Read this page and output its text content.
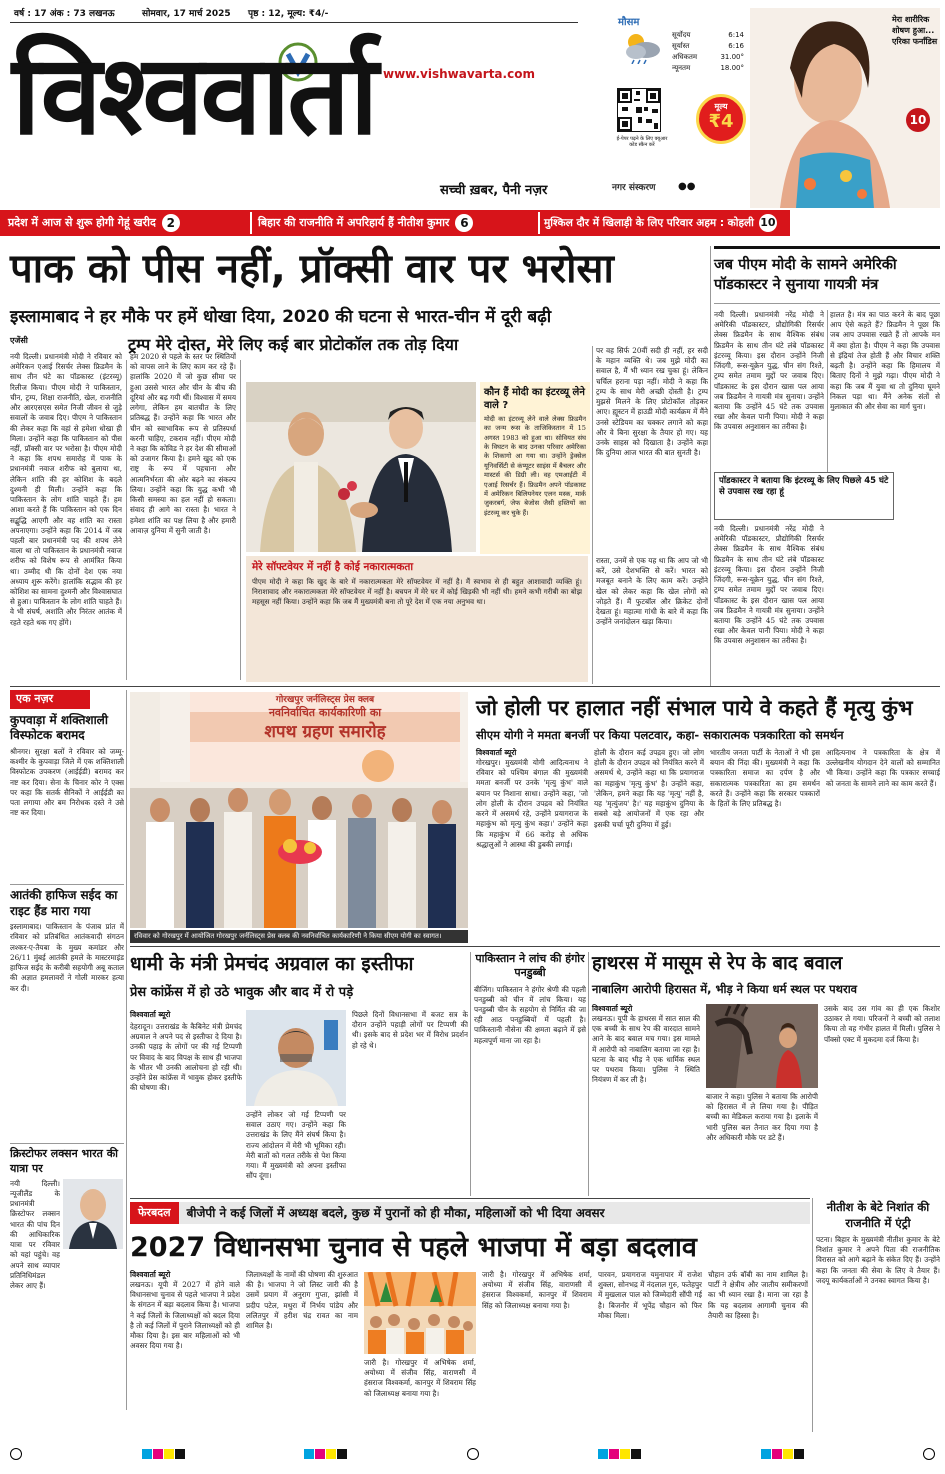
वर्ष : 17 अंक : 73 लखनऊ	सोमवार, 17 मार्च 2025 पृष्ठ : 12, मूल्य: ₹4/-
विश्ववार्ता www.vishwavarta.com
सच्ची ख़बर, पैनी नज़र	नगर संस्करण ●●
ई-पेपर पढ़ने के लिए क्यूआर कोड स्कैन करें
मौसम
सूर्योदय	6:14
सूर्यास्त	6:16
अधिकतम	31.00°
न्यूनतम	18.00°
मूल्य
₹4
मेरा शारीरिक शोषण हुआ... एरिका फर्नांडिस
10
प्रदेश में आज से शुरू होगी गेहूं खरीद 2	बिहार की राजनीति में अपरिहार्य हैं नीतीश कुमार 6	मुश्किल दौर में खिलाड़ी के लिए परिवार अहम : कोहली 10
पाक को पीस नहीं, प्रॉक्सी वार पर भरोसा
इस्लामाबाद ने हर मौके पर हमें धोखा दिया, 2020 की घटना से भारत-चीन में दूरी बढ़ी
एजेंसी	ट्रम्प मेरे दोस्त, मेरे लिए कई बार प्रोटोकॉल तक तोड़ दिया
नयी दिल्ली। प्रधानमंत्री मोदी ने रविवार को अमेरिकन एआई रिसर्चर लेक्स फ्रिडमैन के साथ तीन घंटे का पॉडकास्ट (इंटरव्यू) रिलीज किया। पीएम मोदी ने पाकिस्तान, चीन, ट्रम्प, शिक्षा राजनीति, खेल, राजनीति और आरएसएस समेत निजी जीवन से जुड़े सवालों के जवाब दिए। पीएम ने पाकिस्तान की लेकर कहा कि वहां से हमेशा धोखा ही मिला। उन्होंने कहा कि पाकिस्तान को पीस नहीं, प्रॉक्सी वार पर भरोसा है। पीएम मोदी ने कहा कि शपथ समारोह में पाक के प्रधानमंत्री नवाज शरीफ को बुलाया था, लेकिन शांति की हर कोशिश के बदले दुश्मनी ही मिली। उन्होंने कहा कि पाकिस्तान के लोग शांति चाहते हैं। हम आशा करते हैं कि पाकिस्तान को एक दिन सद्बुद्धि आएगी और वह शांति का रास्ता अपनाएगा। उन्होंने कहा कि 2014 में जब पहली बार प्रधानमंत्री पद की शपथ लेने वाला था तो पाकिस्तान के प्रधानमंत्री नवाज शरीफ को विशेष रूप से आमंत्रित किया था। उम्मीद थी कि दोनों देश एक नया अध्याय शुरू करेंगे। हालांकि सद्भाव की हर कोशिश का सामना दुश्मनी और विश्वासघात से हुआ। पाकिस्तान के लोग शांति चाहते हैं। वे भी संघर्ष, अशांति और निरंतर आतंक में रहते रहते थक गए होंगे।
हम 2020 से पहले के स्तर पर स्थितियों को वापस लाने के लिए काम कर रहे हैं। हालांकि 2020 में जो कुछ सीमा पर हुआ उससे भारत और चीन के बीच की दूरियां और बढ़ गयी थीं। विश्वास में समय लगेगा, लेकिन हम बातचीत के लिए प्रतिबद्ध हैं। उन्होंने कहा कि भारत और चीन को स्वाभाविक रूप से प्रतिस्पर्धा करनी चाहिए, टकराव नहीं। पीएम मोदी ने कहा कि कोविड ने हर देश की सीमाओं को उजागर किया है। हमने खुद को एक राष्ट्र के रूप में पहचाना और आत्मनिर्भरता की ओर बढ़ने का संकल्प लिया। उन्होंने कहा कि युद्ध कभी भी किसी समस्या का हल नहीं हो सकता। संवाद ही आगे का रास्ता है। भारत ने हमेशा शांति का पक्ष लिया है और हमारी आवाज़ दुनिया में सुनी जाती है।
मेरे सॉफ्टवेयर में नहीं है कोई नकारात्मकता
पीएम मोदी ने कहा कि खुद के बारे में नकारात्मकता मेरे सॉफ्टवेयर में नहीं है। मैं स्वभाव से ही बहुत आशावादी व्यक्ति हूं। निराशावाद और नकारात्मकता मेरे सॉफ्टवेयर में नहीं है। बचपन में मेरे घर में कोई खिड़की भी नहीं थी। हमने कभी गरीबी का बोझ महसूस नहीं किया। उन्होंने कहा कि जब मैं मुख्यमंत्री बना तो पूरे देश में एक नया अनुभव था।
कौन हैं मोदी का इंटरव्यू लेने वाले ?
मोदी का इंटरव्यू लेने वाले लेक्स फ्रिडमैन का जन्म रूस के ताजिकिस्तान में 15 अगस्त 1983 को हुआ था। सोवियत संघ के विघटन के बाद उनका परिवार अमेरिका के शिकागो आ गया था। उन्होंने ड्रेक्सेल यूनिवर्सिटी से कंप्यूटर साइंस में बैचलर और मास्टर्स की डिग्री ली। वह एमआईटी में एआई रिसर्चर हैं। फ्रिडमैन अपने पॉडकास्ट में अमेरिकन बिलियनेयर एलन मस्क, मार्क जुकरबर्ग, जेफ बेजोस जैसी हस्तियों का इंटरव्यू कर चुके हैं।
पर वह सिर्फ 20वीं सदी ही नहीं, हर सदी के महान व्यक्ति थे। जब मुझे मोदी का सवाल है, मैं भी ध्यान रख चुका हूं। लेकिन चर्चिल हराना पड़ा नहीं। मोदी ने कहा कि ट्रम्प के साथ मेरी अच्छी दोस्ती है। ट्रम्प मुझसे मिलने के लिए प्रोटोकॉल तोड़कर आए। ह्यूस्टन में हाउडी मोदी कार्यक्रम में मैंने उनसे स्टेडियम का चक्कर लगाने को कहा और वे बिना सुरक्षा के तैयार हो गए। यह उनके साहस को दिखाता है। उन्होंने कहा कि दुनिया आज भारत की बात सुनती है।
रास्ता, उनमें से एक यह था कि आप जो भी करें, उसे देशभक्ति से करें। भारत को मजबूत बनाने के लिए काम करें। उन्होंने खेल को लेकर कहा कि खेल लोगों को जोड़ते हैं। मैं फुटबॉल और क्रिकेट दोनों देखता हूं। महात्मा गांधी के बारे में कहा कि उन्होंने जनांदोलन खड़ा किया।
जब पीएम मोदी के सामने अमेरिकी पॉडकास्टर ने सुनाया गायत्री मंत्र
नयी दिल्ली। प्रधानमंत्री नरेंद्र मोदी ने अमेरिकी पॉडकास्टर, प्रौद्योगिकी रिसर्चर लेक्स फ्रिडमैन के साथ वैश्विक संबंध फ्रिडमैन के साथ तीन घंटे लंबे पॉडकास्ट इंटरव्यू किया। इस दौरान उन्होंने निजी जिंदगी, रूस-यूक्रेन युद्ध, चीन संग रिश्ते, ट्रम्प समेत तमाम मुद्दों पर जवाब दिए। पॉडकास्ट के इस दौरान खास पल आया जब फ्रिडमैन ने गायत्री मंत्र सुनाया। उन्होंने बताया कि उन्होंने 45 घंटे तक उपवास रखा और केवल पानी पिया। मोदी ने कहा कि उपवास अनुशासन का तरीका है।
पॉडकास्टर ने बताया कि इंटरव्यू के लिए पिछले 45 घंटे से उपवास रख रहा हूं
नयी दिल्ली। प्रधानमंत्री नरेंद्र मोदी ने अमेरिकी पॉडकास्टर, प्रौद्योगिकी रिसर्चर लेक्स फ्रिडमैन के साथ वैश्विक संबंध फ्रिडमैन के साथ तीन घंटे लंबे पॉडकास्ट इंटरव्यू किया। इस दौरान उन्होंने निजी जिंदगी, रूस-यूक्रेन युद्ध, चीन संग रिश्ते, ट्रम्प समेत तमाम मुद्दों पर जवाब दिए। पॉडकास्ट के इस दौरान खास पल आया जब फ्रिडमैन ने गायत्री मंत्र सुनाया। उन्होंने बताया कि उन्होंने 45 घंटे तक उपवास रखा और केवल पानी पिया। मोदी ने कहा कि उपवास अनुशासन का तरीका है।
हालत है। मंत्र का पाठ करने के बाद पूछा आप ऐसे कहते हैं? फ्रिडमैन ने पूछा कि जब आप उपवास रखते हैं तो आपके मन में क्या होता है। पीएम ने कहा कि उपवास से इंद्रियां तेज होती हैं और विचार शक्ति बढ़ती है। उन्होंने कहा कि हिमालय में बिताए दिनों ने मुझे गढ़ा। पीएम मोदी ने कहा कि जब मैं युवा था तो दुनिया घूमने निकल पड़ा था। मैंने अनेक संतों से मुलाकात की और सेवा का मार्ग चुना।
एक नज़र
कुपवाड़ा में शक्तिशाली विस्फोटक बरामद
श्रीनगर। सुरक्षा बलों ने रविवार को जम्मू-कश्मीर के कुपवाड़ा जिले में एक शक्तिशाली विस्फोटक उपकरण (आईईडी) बरामद कर नष्ट कर दिया। सेना के चिनार कोर ने एक्स पर कहा कि सतर्क सैनिकों ने आईईडी का पता लगाया और बम निरोधक दस्ते ने उसे नष्ट कर दिया।
आतंकी हाफिज सईद का राइट हैंड मारा गया
इस्लामाबाद। पाकिस्तान के पंजाब प्रांत में रविवार को प्रतिबंधित आतंकवादी संगठन लश्कर-ए-तैयबा के मुख्य कमांडर और 26/11 मुंबई आतंकी हमले के मास्टरमाइंड हाफिज सईद के करीबी सहयोगी अबू कताल की अज्ञात हमलावरों ने गोली मारकर हत्या कर दी।
क्रिस्टोफर लक्सन भारत की यात्रा पर
नयी दिल्ली। न्यूजीलैंड के प्रधानमंत्री क्रिस्टोफर लक्सन भारत की पांच दिन की आधिकारिक यात्रा पर रविवार को यहां पहुंचे। वह अपने साथ व्यापार प्रतिनिधिमंडल लेकर आए हैं।
गोरखपुर जर्नलिस्ट्स प्रेस क्लब
नवनिर्वाचित कार्यकारिणी का
शपथ ग्रहण समारोह
रविवार को गोरखपुर में आयोजित गोरखपुर जर्नलिस्ट्स प्रेस क्लब की नवनिर्वाचित कार्यकारिणी ने किया सीएम योगी का स्वागत।
जो होली पर हालात नहीं संभाल पाये वे कहते हैं मृत्यु कुंभ
सीएम योगी ने ममता बनर्जी पर किया पलटवार, कहा- सकारात्मक पत्रकारिता को समर्थन
विश्ववार्ता ब्यूरो
गोरखपुर। मुख्यमंत्री योगी आदित्यनाथ ने रविवार को पश्चिम बंगाल की मुख्यमंत्री ममता बनर्जी पर उनके 'मृत्यु कुंभ' वाले बयान पर निशाना साधा। उन्होंने कहा, 'जो लोग होली के दौरान उपद्रव को नियंत्रित करने में असमर्थ रहे, उन्होंने प्रयागराज के महाकुंभ को मृत्यु कुंभ कहा।' उन्होंने कहा कि महाकुंभ में 66 करोड़ से अधिक श्रद्धालुओं ने आस्था की डुबकी लगाई।
होली के दौरान कई उपद्रव हुए। जो लोग होली के दौरान उपद्रव को नियंत्रित करने में असमर्थ थे, उन्होंने कहा था कि प्रयागराज का महाकुंभ 'मृत्यु कुंभ' है। उन्होंने कहा, 'लेकिन, हमने कहा कि यह 'मृत्यु' नहीं है, यह 'मृत्युंजय' है।' यह महाकुंभ दुनिया के सबसे बड़े आयोजनों में एक रहा और इसकी चर्चा पूरी दुनिया में हुई।
भारतीय जनता पार्टी के नेताओं ने भी इस बयान की निंदा की। मुख्यमंत्री ने कहा कि पत्रकारिता समाज का दर्पण है और सकारात्मक पत्रकारिता का हम समर्थन करते हैं। उन्होंने कहा कि सरकार पत्रकारों के हितों के लिए प्रतिबद्ध है।
आदित्यनाथ ने पत्रकारिता के क्षेत्र में उल्लेखनीय योगदान देने वालों को सम्मानित भी किया। उन्होंने कहा कि पत्रकार सच्चाई को जनता के सामने लाने का काम करते हैं।
धामी के मंत्री प्रेमचंद अग्रवाल का इस्तीफा
प्रेस कांफ्रेंस में हो उठे भावुक और बाद में रो पड़े
विश्ववार्ता ब्यूरो
देहरादून। उत्तराखंड के कैबिनेट मंत्री प्रेमचंद अग्रवाल ने अपने पद से इस्तीफा दे दिया है। उनकी पहाड़ के लोगों पर की गई टिप्पणी पर विवाद के बाद विपक्ष के साथ ही भाजपा के भीतर भी उनकी आलोचना हो रही थी। उन्होंने प्रेस कांफ्रेंस में भावुक होकर इस्तीफे की घोषणा की।
उन्होंने लोकर जो गई टिप्पणी पर सवाल उठाए गए। उन्होंने कहा कि उत्तराखंड के लिए मैंने संघर्ष किया है। राज्य आंदोलन में मेरी भी भूमिका रही। मेरी बातों को गलत तरीके से पेश किया गया। मैं मुख्यमंत्री को अपना इस्तीफा सौंप दूंगा।
पिछले दिनों विधानसभा में बजट सत्र के दौरान उन्होंने पहाड़ी लोगों पर टिप्पणी की थी। इसके बाद से प्रदेश भर में विरोध प्रदर्शन हो रहे थे।
पाकिस्तान ने लांच की हंगोर पनडुब्बी
बीजिंग। पाकिस्तान ने हंगोर श्रेणी की पहली पनडुब्बी को चीन में लांच किया। यह पनडुब्बी चीन के सहयोग से निर्मित की जा रही आठ पनडुब्बियों में पहली है। पाकिस्तानी नौसेना की क्षमता बढ़ाने में इसे महत्वपूर्ण माना जा रहा है।
हाथरस में मासूम से रेप के बाद बवाल
नाबालिग आरोपी हिरासत में, भीड़ ने किया धर्म स्थल पर पथराव
विश्ववार्ता ब्यूरो
लखनऊ। यूपी के हाथरस में सात साल की एक बच्ची के साथ रेप की वारदात सामने आने के बाद बवाल मच गया। इस मामले में आरोपी को नाबालिग बताया जा रहा है। घटना के बाद भीड़ ने एक धार्मिक स्थल पर पथराव किया। पुलिस ने स्थिति नियंत्रण में कर ली है।
बाजार ने कहा। पुलिस ने बताया कि आरोपी को हिरासत में ले लिया गया है। पीड़ित बच्ची का मेडिकल कराया गया है। इलाके में भारी पुलिस बल तैनात कर दिया गया है और अधिकारी मौके पर डटे हैं।
उसके बाद उस गांव का ही एक किशोर उठाकर ले गया। परिजनों ने बच्ची को तलाश किया तो वह गंभीर हालत में मिली। पुलिस ने पॉक्सो एक्ट में मुकदमा दर्ज किया है।
फेरबदल	बीजेपी ने कई जिलों में अध्यक्ष बदले, कुछ में पुरानों को ही मौका, महिलाओं को भी दिया अवसर
2027 विधानसभा चुनाव से पहले भाजपा में बड़ा बदलाव
विश्ववार्ता ब्यूरो
लखनऊ। यूपी में 2027 में होने वाले विधानसभा चुनाव से पहले भाजपा ने प्रदेश के संगठन में बड़ा बदलाव किया है। भाजपा ने कई जिलों के जिलाध्यक्षों को बदल दिया है तो कई जिलों में पुराने जिलाध्यक्षों को ही मौका दिया है। इस बार महिलाओं को भी अवसर दिया गया है।
जिलाध्यक्षों के नामों की घोषणा की शुरुआत की है। भाजपा ने जो लिस्ट जारी की है उसमें प्रयाग में अनुराग गुप्ता, झांसी में प्रदीप पटेल, मथुरा में निर्भय पांडेय और ललितपुर में हरीश चंद्र रावत का नाम शामिल है।
जारी है। गोरखपुर में अभिषेक शर्मा, अयोध्या में संजीव सिंह, वाराणसी में हंसराज विश्वकर्मा, कानपुर में शिवराम सिंह को जिलाध्यक्ष बनाया गया है।
जारी है। गोरखपुर में अभिषेक शर्मा, अयोध्या में संजीव सिंह, वाराणसी में हंसराज विश्वकर्मा, कानपुर में शिवराम सिंह को जिलाध्यक्ष बनाया गया है।
पारवन, प्रयागराज यमुनापार में राजेश शुक्ला, सोनभद्र में नंदलाल गुरु, फतेहपुर में मुखलाल पाल को जिम्मेदारी सौंपी गई है। बिजनौर में भूपेंद्र चौहान को फिर मौका मिला।
चौहान उर्फ बॉबी का नाम शामिल है। पार्टी ने क्षेत्रीय और जातीय समीकरणों का भी ध्यान रखा है। माना जा रहा है कि यह बदलाव आगामी चुनाव की तैयारी का हिस्सा है।
नीतीश के बेटे निशांत की राजनीति में एंट्री
पटना। बिहार के मुख्यमंत्री नीतीश कुमार के बेटे निशांत कुमार ने अपने पिता की राजनीतिक विरासत को आगे बढ़ाने के संकेत दिए हैं। उन्होंने कहा कि जनता की सेवा के लिए वे तैयार हैं। जदयू कार्यकर्ताओं ने उनका स्वागत किया है।
